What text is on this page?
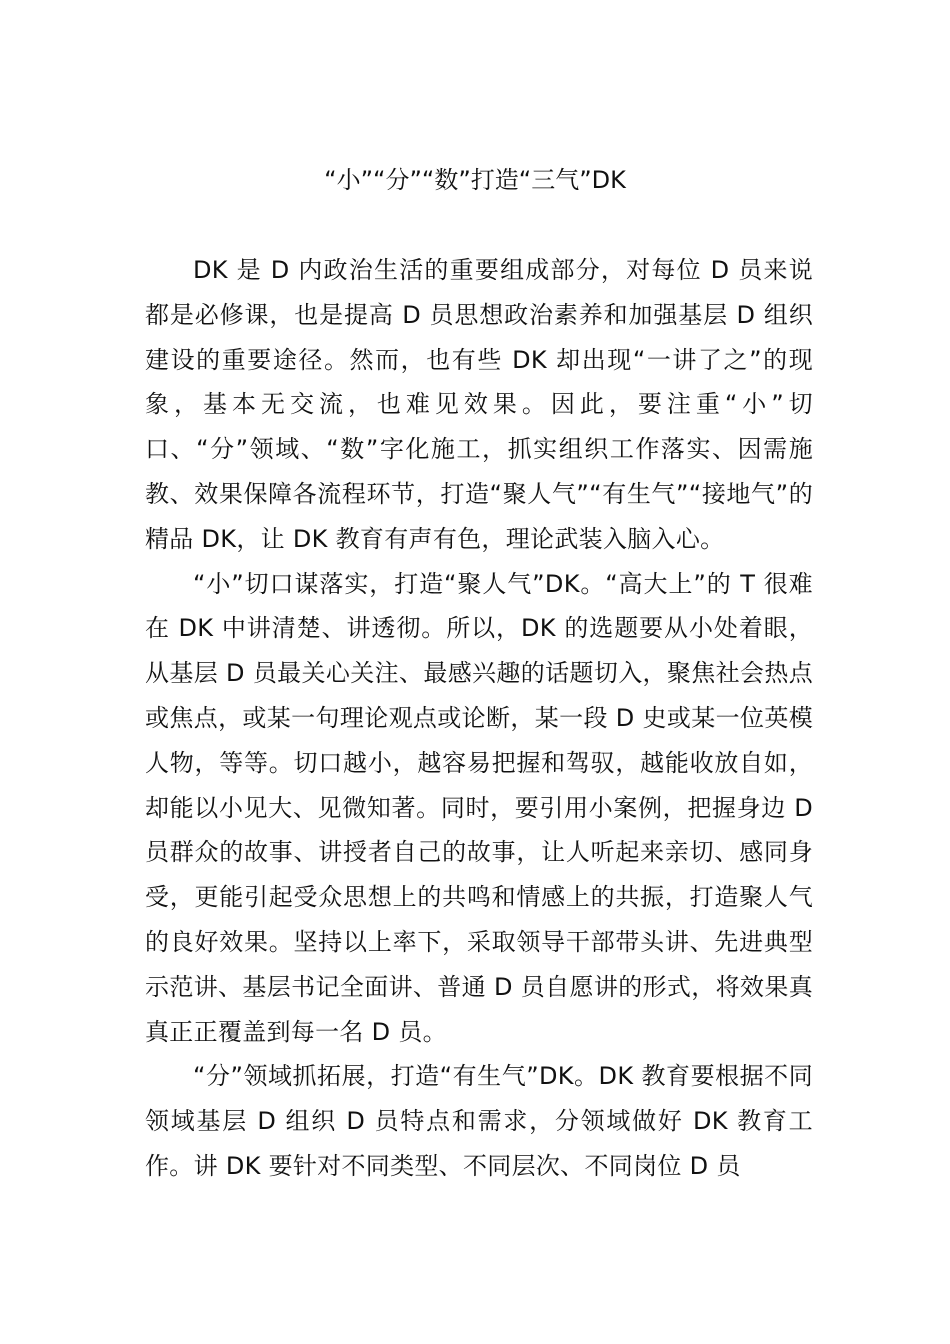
“小”“分”“数”打造“三气”DK

DK 是 D 内政治生活的重要组成部分，对每位 D 员来说都是必修课，也是提高 D 员思想政治素养和加强基层 D 组织建设的重要途径。然而，也有些 DK 却出现“一讲了之”的现象，基本无交流，也难见效果。因此，要注重“小”切口、“分”领域、“数”字化施工，抓实组织工作落实、因需施教、效果保障各流程环节，打造“聚人气”“有生气”“接地气”的精品 DK，让 DK 教育有声有色，理论武装入脑入心。

“小”切口谋落实，打造“聚人气”DK。“高大上”的 T 很难在 DK 中讲清楚、讲透彻。所以，DK 的选题要从小处着眼，从基层 D 员最关心关注、最感兴趣的话题切入，聚焦社会热点或焦点，或某一句理论观点或论断，某一段 D 史或某一位英模人物，等等。切口越小，越容易把握和驾驭，越能收放自如，却能以小见大、见微知著。同时，要引用小案例，把握身边 D 员群众的故事、讲授者自己的故事，让人听起来亲切、感同身受，更能引起受众思想上的共鸣和情感上的共振，打造聚人气的良好效果。坚持以上率下，采取领导干部带头讲、先进典型示范讲、基层书记全面讲、普通 D 员自愿讲的形式，将效果真真正正覆盖到每一名 D 员。

“分”领域抓拓展，打造“有生气”DK。DK 教育要根据不同领域基层 D 组织 D 员特点和需求，分领域做好 DK 教育工作。讲 DK 要针对不同类型、不同层次、不同岗位 D 员
